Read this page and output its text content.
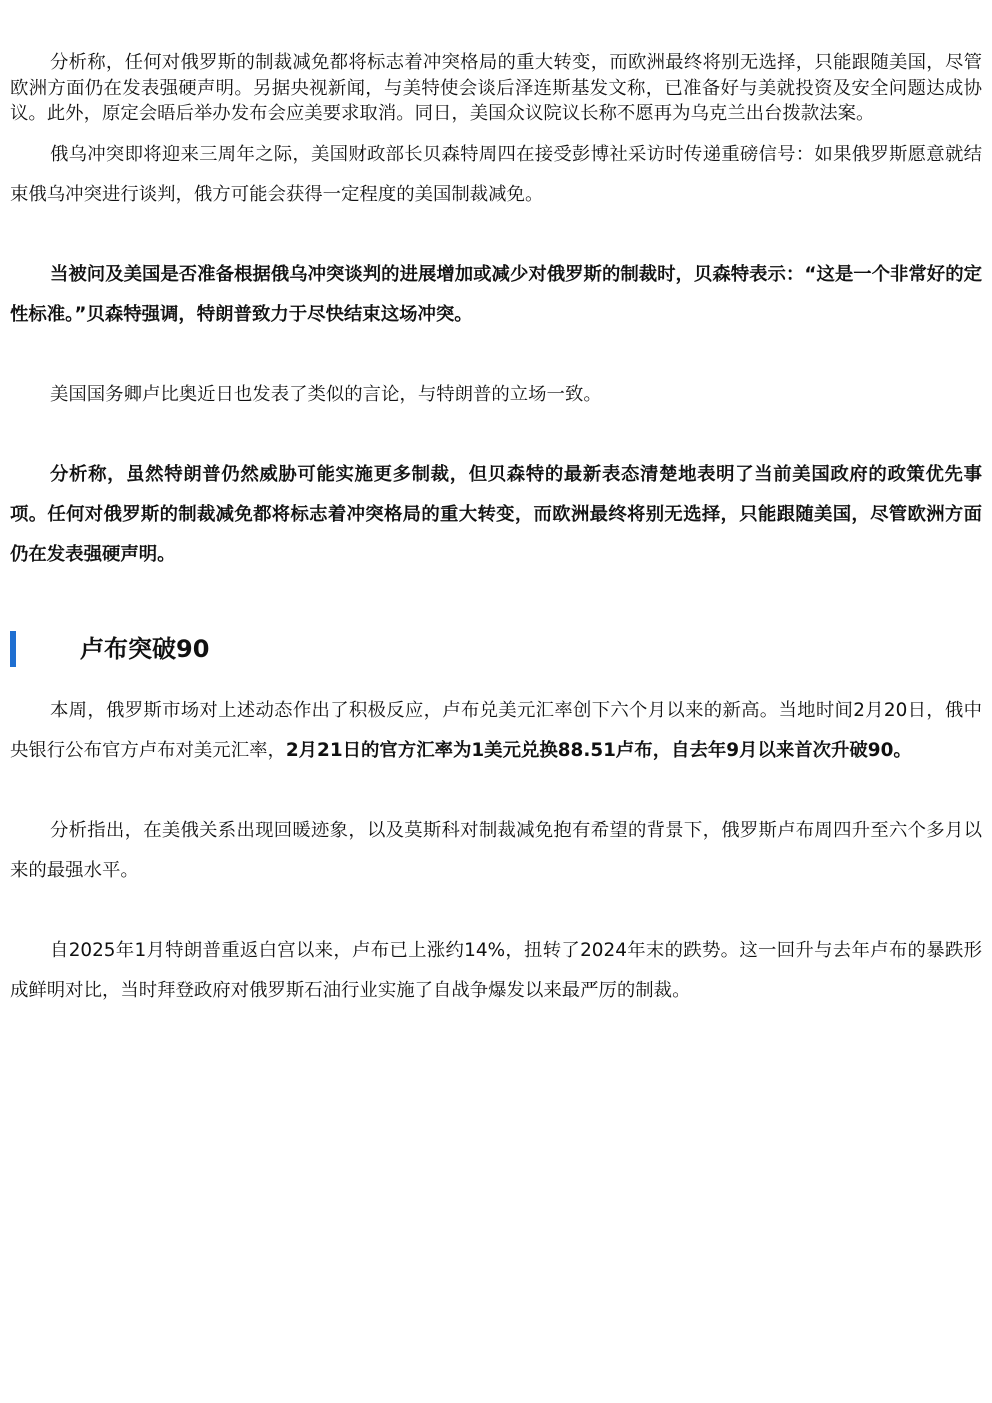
分析称，任何对俄罗斯的制裁减免都将标志着冲突格局的重大转变，而欧洲最终将别无选择，只能跟随美国，尽管欧洲方面仍在发表强硬声明。另据央视新闻，与美特使会谈后泽连斯基发文称，已准备好与美就投资及安全问题达成协议。此外，原定会晤后举办发布会应美要求取消。同日，美国众议院议长称不愿再为乌克兰出台拨款法案。

俄乌冲突即将迎来三周年之际，美国财政部长贝森特周四在接受彭博社采访时传递重磅信号：如果俄罗斯愿意就结束俄乌冲突进行谈判，俄方可能会获得一定程度的美国制裁减免。

当被问及美国是否准备根据俄乌冲突谈判的进展增加或减少对俄罗斯的制裁时，贝森特表示：“这是一个非常好的定性标准。”贝森特强调，特朗普致力于尽快结束这场冲突。

美国国务卿卢比奥近日也发表了类似的言论，与特朗普的立场一致。

分析称，虽然特朗普仍然威胁可能实施更多制裁，但贝森特的最新表态清楚地表明了当前美国政府的政策优先事项。任何对俄罗斯的制裁减免都将标志着冲突格局的重大转变，而欧洲最终将别无选择，只能跟随美国，尽管欧洲方面仍在发表强硬声明。

卢布突破90

本周，俄罗斯市场对上述动态作出了积极反应，卢布兑美元汇率创下六个月以来的新高。当地时间2月20日，俄中央银行公布官方卢布对美元汇率，2月21日的官方汇率为1美元兑换88.51卢布，自去年9月以来首次升破90。

分析指出，在美俄关系出现回暖迹象，以及莫斯科对制裁减免抱有希望的背景下，俄罗斯卢布周四升至六个多月以来的最强水平。

自2025年1月特朗普重返白宫以来，卢布已上涨约14%，扭转了2024年末的跌势。这一回升与去年卢布的暴跌形成鲜明对比，当时拜登政府对俄罗斯石油行业实施了自战争爆发以来最严厉的制裁。
